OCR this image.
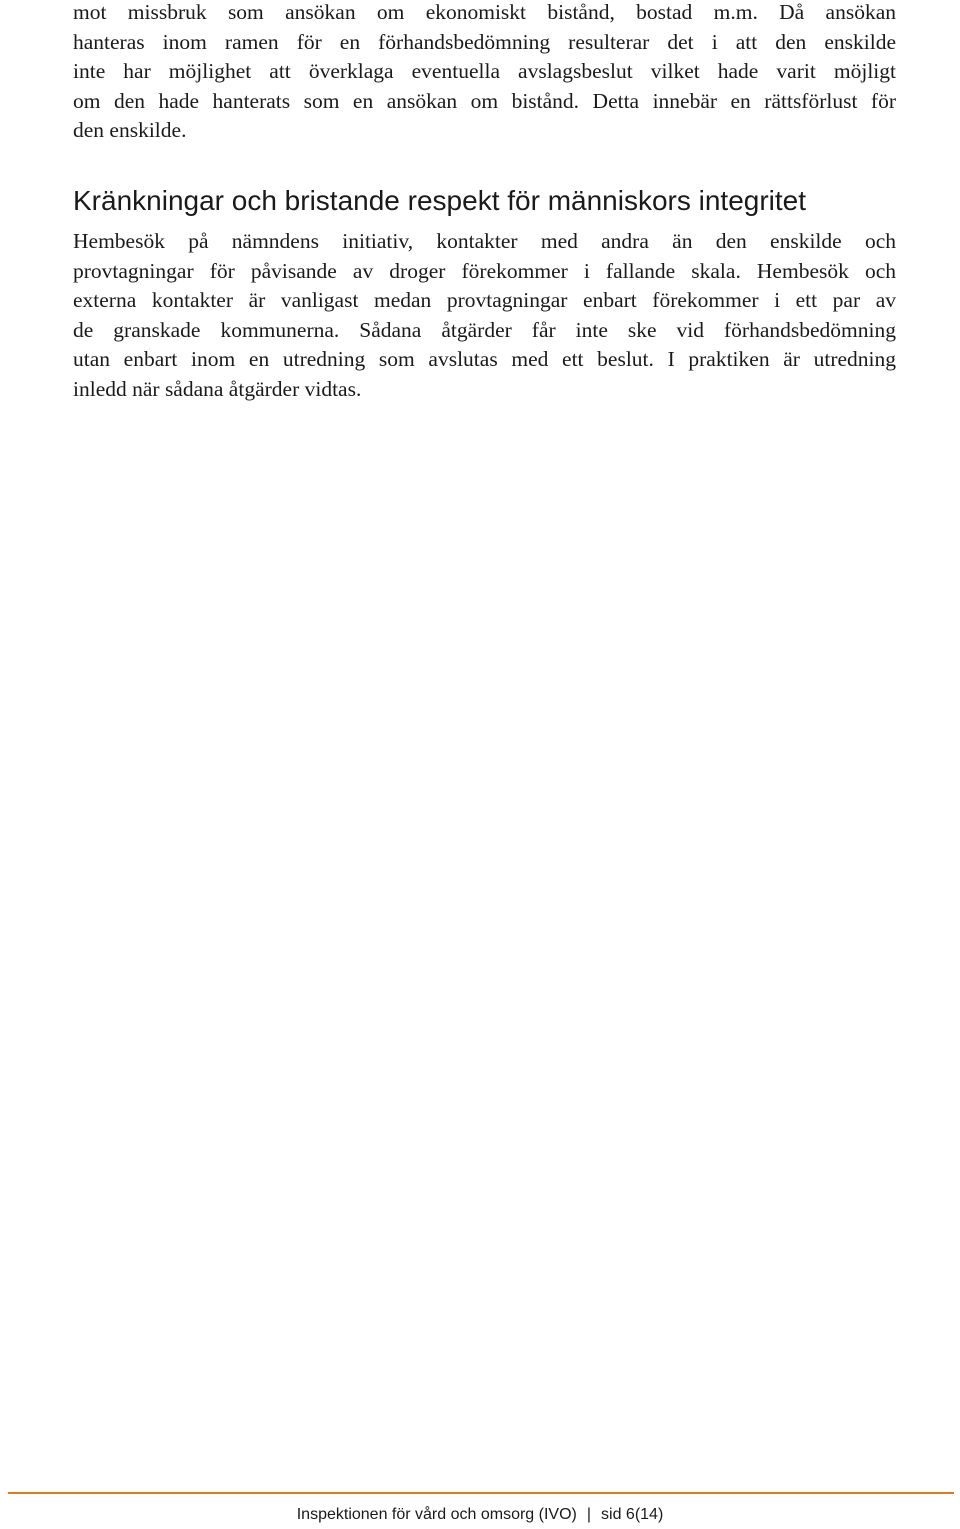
mot missbruk som ansökan om ekonomiskt bistånd, bostad m.m. Då ansökan
hanteras inom ramen för en förhandsbedömning resulterar det i att den enskilde
inte har möjlighet att överklaga eventuella avslagsbeslut vilket hade varit möjligt
om den hade hanterats som en ansökan om bistånd. Detta innebär en rättsförlust för
den enskilde.

Kränkningar och bristande respekt för människors integritet

Hembesök på nämndens initiativ, kontakter med andra än den enskilde och
provtagningar för påvisande av droger förekommer i fallande skala. Hembesök och
externa kontakter är vanligast medan provtagningar enbart förekommer i ett par av
de granskade kommunerna. Sådana åtgärder får inte ske vid förhandsbedömning
utan enbart inom en utredning som avslutas med ett beslut. I praktiken är utredning
inledd när sådana åtgärder vidtas.

Inspektionen för vård och omsorg (IVO) | sid 6(14)
